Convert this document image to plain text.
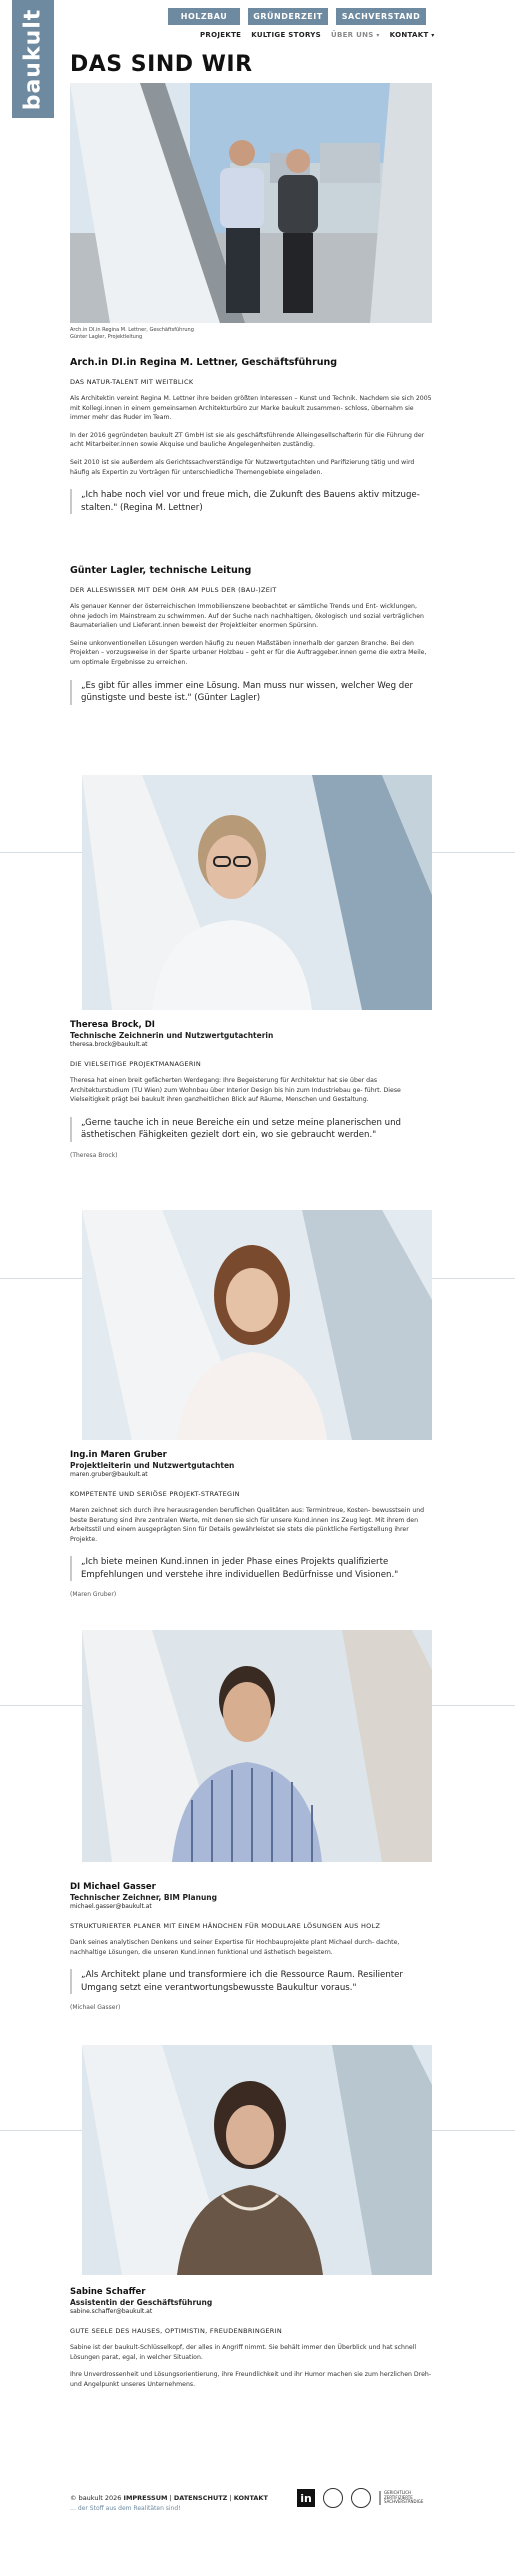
baukult	HOLZBAU	GRÜNDERZEIT	SACHVERSTAND
PROJEKTE KULTIGE STORYS ÜBER UNS ▾ KONTAKT ▾
DAS SIND WIR
Arch.in DI.in Regina M. Lettner, Geschäftsführung
Günter Lagler, Projektleitung
Arch.in DI.in Regina M. Lettner, Geschäftsführung

DAS NATUR-TALENT MIT WEITBLICK

Als Architektin vereint Regina M. Lettner ihre beiden größten Interessen – Kunst und Technik. Nachdem sie sich 2005 mit Kollegi.innen in einem gemeinsamen Architekturbüro zur Marke baukult zusammen- schloss, übernahm sie immer mehr das Ruder im Team.

In der 2016 gegründeten baukult ZT GmbH ist sie als geschäftsführende Alleingesellschafterin für die Führung der acht Mitarbeiter.innen sowie Akquise und bauliche Angelegenheiten zuständig.

Seit 2010 ist sie außerdem als Gerichtssachverständige für Nutzwertgutachten und Parifizierung tätig und wird häufig als Expertin zu Vorträgen für unterschiedliche Themengebiete eingeladen.

„Ich habe noch viel vor und freue mich, die Zukunft des Bauens aktiv mitzuge- stalten." (Regina M. Lettner)
Günter Lagler, technische Leitung

DER ALLESWISSER MIT DEM OHR AM PULS DER (BAU-)ZEIT

Als genauer Kenner der österreichischen Immobilienszene beobachtet er sämtliche Trends und Ent- wicklungen, ohne jedoch im Mainstream zu schwimmen. Auf der Suche nach nachhaltigen, ökologisch und sozial verträglichen Baumaterialien und Lieferant.innen beweist der Projektleiter enormen Spürsinn.

Seine unkonventionellen Lösungen werden häufig zu neuen Maßstäben innerhalb der ganzen Branche. Bei den Projekten – vorzugsweise in der Sparte urbaner Holzbau – geht er für die Auftraggeber.innen gerne die extra Meile, um optimale Ergebnisse zu erreichen.

„Es gibt für alles immer eine Lösung. Man muss nur wissen, welcher Weg der günstigste und beste ist." (Günter Lagler)
Theresa Brock, DI

Technische Zeichnerin und Nutzwertgutachterin

theresa.brock@baukult.at

DIE VIELSEITIGE PROJEKTMANAGERIN

Theresa hat einen breit gefächerten Werdegang: Ihre Begeisterung für Architektur hat sie über das Architekturstudium (TU Wien) zum Wohnbau über Interior Design bis hin zum Industriebau ge- führt. Diese Vielseitigkeit prägt bei baukult ihren ganzheitlichen Blick auf Räume, Menschen und Gestaltung.

„Gerne tauche ich in neue Bereiche ein und setze meine planerischen und ästhetischen Fähigkeiten gezielt dort ein, wo sie gebraucht werden."

(Theresa Brock)

Ing.in Maren Gruber

Projektleiterin und Nutzwertgutachten

maren.gruber@baukult.at

KOMPETENTE UND SERIÖSE PROJEKT-STRATEGIN

Maren zeichnet sich durch ihre herausragenden beruflichen Qualitäten aus: Termintreue, Kosten- bewusstsein und beste Beratung sind ihre zentralen Werte, mit denen sie sich für unsere Kund.innen ins Zeug legt. Mit ihrem den Arbeitsstil und einem ausgeprägten Sinn für Details gewährleistet sie stets die pünktliche Fertigstellung ihrer Projekte.

„Ich biete meinen Kund.innen in jeder Phase eines Projekts qualifizierte Empfehlungen und verstehe ihre individuellen Bedürfnisse und Visionen."

(Maren Gruber)

DI Michael Gasser

Technischer Zeichner, BIM Planung

michael.gasser@baukult.at

STRUKTURIERTER PLANER MIT EINEM HÄNDCHEN FÜR MODULARE LÖSUNGEN AUS HOLZ

Dank seines analytischen Denkens und seiner Expertise für Hochbauprojekte plant Michael durch- dachte, nachhaltige Lösungen, die unseren Kund.innen funktional und ästhetisch begeistern.

„Als Architekt plane und transformiere ich die Ressource Raum. Resilienter Umgang setzt eine verantwortungsbewusste Baukultur voraus."

(Michael Gasser)

Sabine Schaffer

Assistentin der Geschäftsführung

sabine.schaffer@baukult.at

GUTE SEELE DES HAUSES, OPTIMISTIN, FREUDENBRINGERIN

Sabine ist der baukult-Schlüsselkopf, der alles in Angriff nimmt. Sie behält immer den Überblick und hat schnell Lösungen parat, egal, in welcher Situation.

Ihre Unverdrossenheit und Lösungsorientierung, ihre Freundlichkeit und ihr Humor machen sie zum herzlichen Dreh- und Angelpunkt unseres Unternehmens.

© baukult 2026 IMPRESSUM | DATENSCHUTZ | KONTAKT
… der Stoff aus dem Realitäten sind!
in	GERICHTLICH ZERTIFIZIERTE SACHVERSTÄNDIGE
